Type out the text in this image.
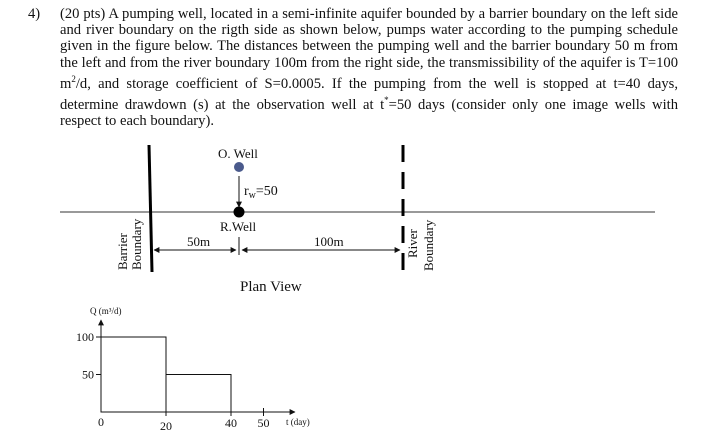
4) (20 pts) A pumping well, located in a semi-infinite aquifer bounded by a barrier boundary on the left side and river boundary on the rigth side as shown below, pumps water according to the pumping schedule given in the figure below. The distances between the pumping well and the barrier boundary 50 m from the left and from the river boundary 100m from the right side, the transmissibility of the aquifer is T=100 $m^2/d$, and storage coefficient of S=0.0005. If the pumping from the well is stopped at t=40 days, determine drawdown (s) at the observation well at t*=50 days (consider only one image wells with respect to each boundary).
Barrier Boundary	River Boundary
O. Well
$r_w=50$
R.Well
50m	100m
Plan View
Q (m³/d)
t (day)
0
100
50
20	40 50
